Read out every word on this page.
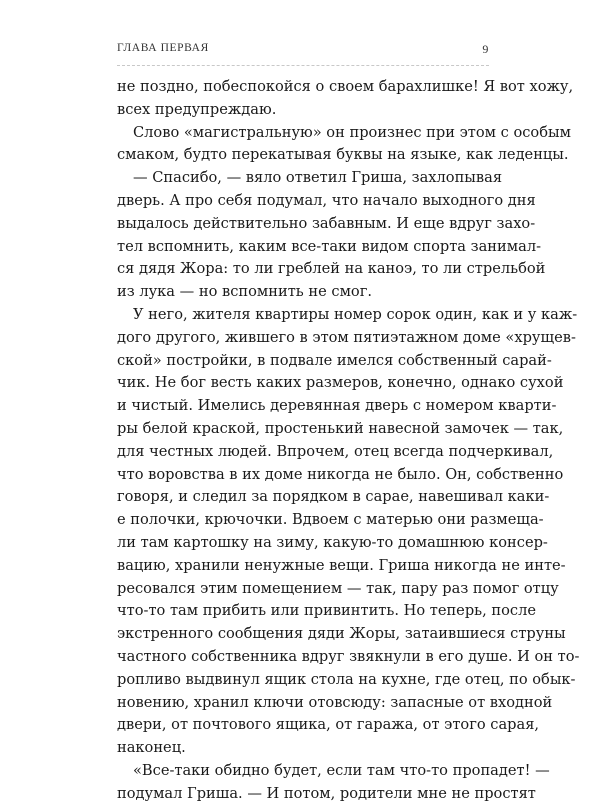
ГЛАВА ПЕРВАЯ	9
не поздно, побеспокойся о своем барахлишке! Я вот хожу,
всех предупреждаю.
Слово «магистральную» он произнес при этом с особым
смаком, будто перекатывая буквы на языке, как леденцы.
— Спасибо, — вяло ответил Гриша, захлопывая
дверь. А про себя подумал, что начало выходного дня
выдалось действительно забавным. И еще вдруг захо-
тел вспомнить, каким все-таки видом спорта занимал-
ся дядя Жора: то ли греблей на каноэ, то ли стрельбой
из лука — но вспомнить не смог.
У него, жителя квартиры номер сорок один, как и у каж-
дого другого, жившего в этом пятиэтажном доме «хрущев-
ской» постройки, в подвале имелся собственный сарай-
чик. Не бог весть каких размеров, конечно, однако сухой
и чистый. Имелись деревянная дверь с номером кварти-
ры белой краской, простенький навесной замочек — так,
для честных людей. Впрочем, отец всегда подчеркивал,
что воровства в их доме никогда не было. Он, собственно
говоря, и следил за порядком в сарае, навешивал каки-
е полочки, крючочки. Вдвоем с матерью они размеща-
ли там картошку на зиму, какую-то домашнюю консер-
вацию, хранили ненужные вещи. Гриша никогда не инте-
ресовался этим помещением — так, пару раз помог отцу
что-то там прибить или привинтить. Но теперь, после
экстренного сообщения дяди Жоры, затаившиеся струны
частного собственника вдруг звякнули в его душе. И он то-
ропливо выдвинул ящик стола на кухне, где отец, по обык-
новению, хранил ключи отовсюду: запасные от входной
двери, от почтового ящика, от гаража, от этого сарая,
наконец.
«Все-таки обидно будет, если там что-то пропадет! —
подумал Гриша. — И потом, родители мне не простят
